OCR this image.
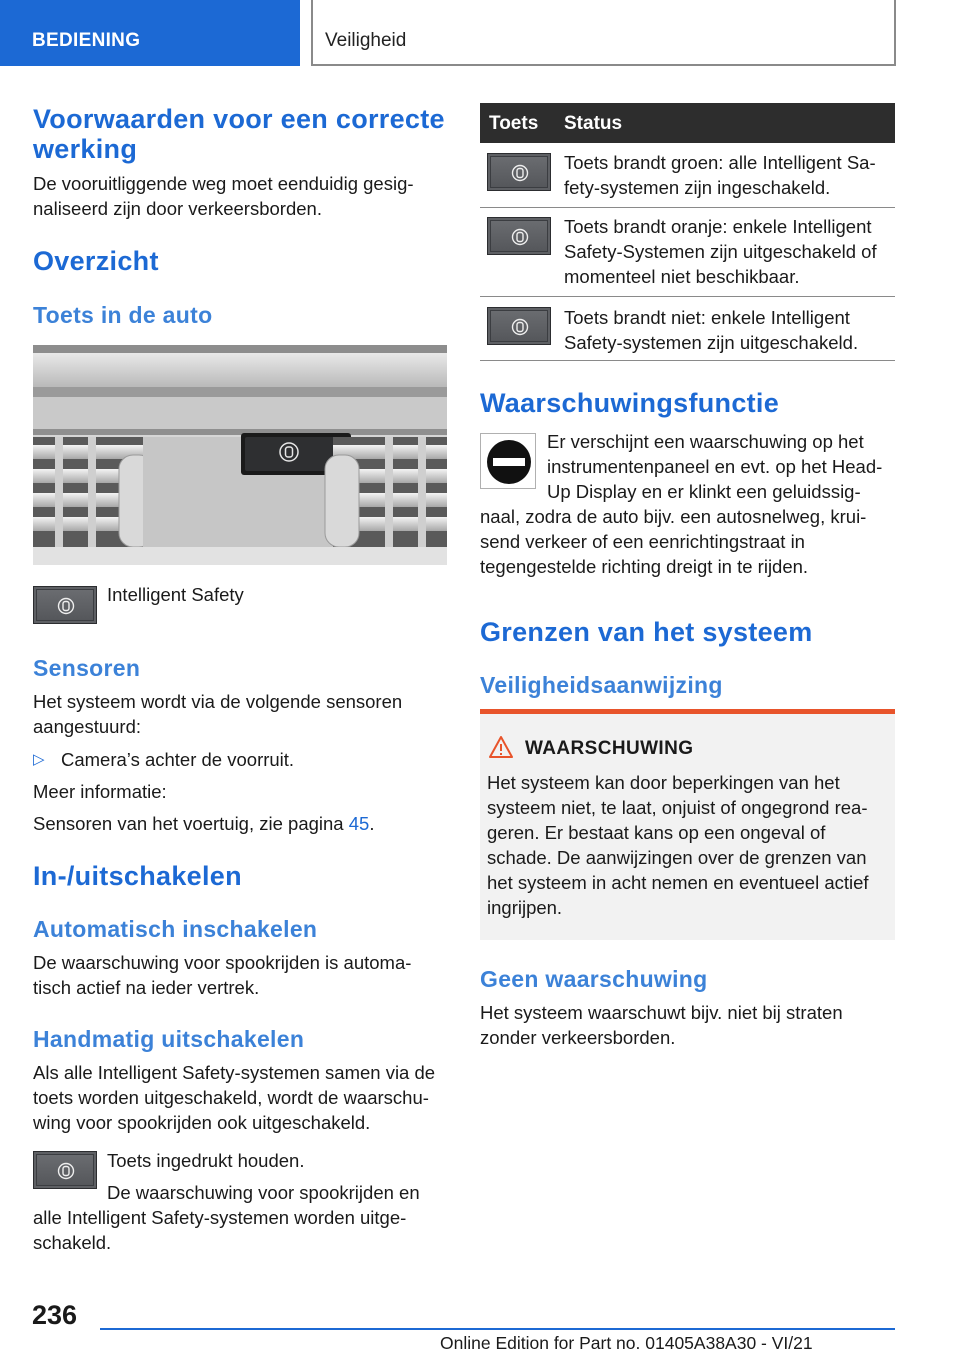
BEDIENING	Veiligheid
Voorwaarden voor een correcte
werking
De vooruitliggende weg moet eenduidig gesig-
naliseerd zijn door verkeersborden.
Overzicht
Toets in de auto
Intelligent Safety
Sensoren
Het systeem wordt via de volgende sensoren
aangestuurd:
▷ Camera’s achter de voorruit.
Meer informatie:
Sensoren van het voertuig, zie pagina 45.
In-/uitschakelen
Automatisch inschakelen
De waarschuwing voor spookrijden is automa-
tisch actief na ieder vertrek.
Handmatig uitschakelen
Als alle Intelligent Safety-systemen samen via de
toets worden uitgeschakeld, wordt de waarschu-
wing voor spookrijden ook uitgeschakeld.
Toets ingedrukt houden.
De waarschuwing voor spookrijden en
alle Intelligent Safety-systemen worden uitge-
schakeld.
Toets Status
Toets brandt groen: alle Intelligent Sa-
fety-systemen zijn ingeschakeld.
Toets brandt oranje: enkele Intelligent
Safety-Systemen zijn uitgeschakeld of
momenteel niet beschikbaar.
Toets brandt niet: enkele Intelligent
Safety-systemen zijn uitgeschakeld.
Waarschuwingsfunctie
Er verschijnt een waarschuwing op het
instrumentenpaneel en evt. op het Head-
Up Display en er klinkt een geluidssig-
naal, zodra de auto bijv. een autosnelweg, krui-
send verkeer of een eenrichtingstraat in
tegengestelde richting dreigt in te rijden.
Grenzen van het systeem
Veiligheidsaanwijzing
WAARSCHUWING
Het systeem kan door beperkingen van het
systeem niet, te laat, onjuist of ongegrond rea-
geren. Er bestaat kans op een ongeval of
schade. De aanwijzingen over de grenzen van
het systeem in acht nemen en eventueel actief
ingrijpen.
Geen waarschuwing
Het systeem waarschuwt bijv. niet bij straten
zonder verkeersborden.
236
Online Edition for Part no. 01405A38A30 - VI/21
